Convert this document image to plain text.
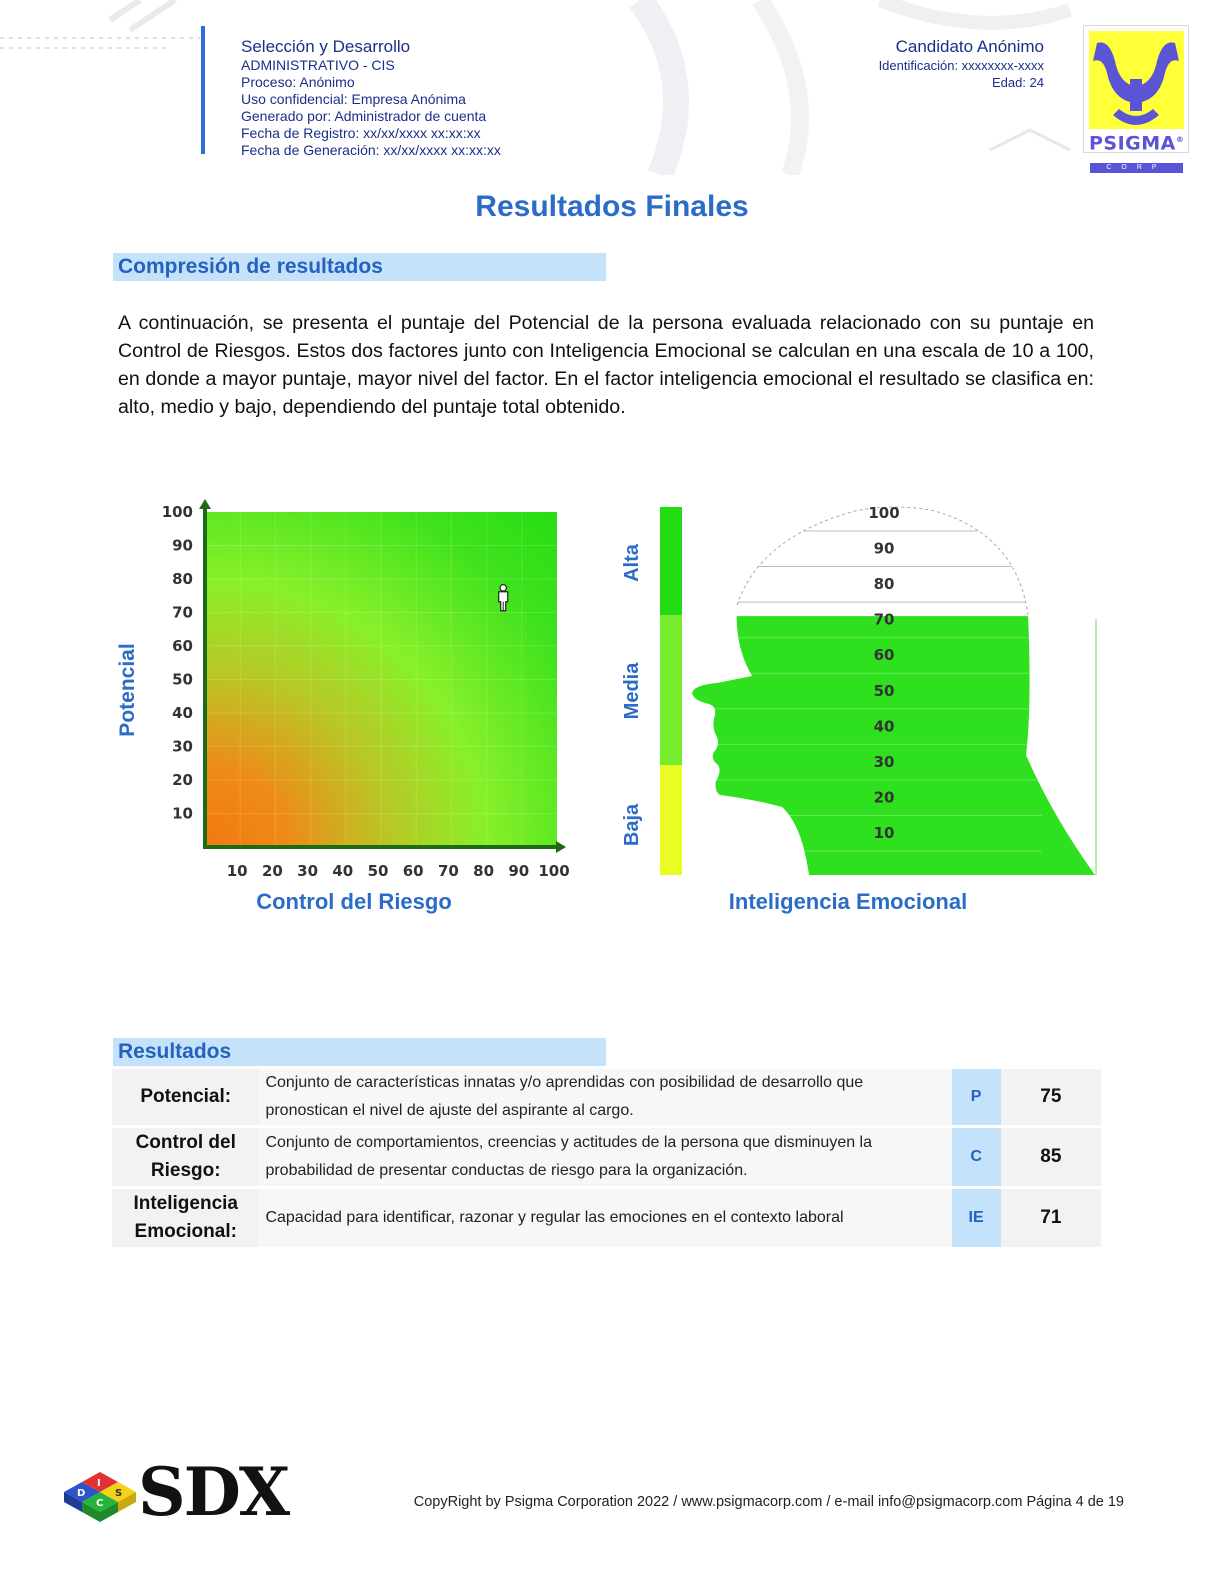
Selección y Desarrollo
ADMINISTRATIVO - CIS
Proceso: Anónimo
Uso confidencial: Empresa Anónima
Generado por: Administrador de cuenta
Fecha de Registro: xx/xx/xxxx xx:xx:xx
Fecha de Generación: xx/xx/xxxx xx:xx:xx
Candidato Anónimo
Identificación: xxxxxxxx-xxxx
Edad: 24
PSIGMA®
CORP
Resultados Finales
Compresión de resultados
A continuación, se presenta el puntaje del Potencial de la persona evaluada relacionado con su puntaje en Control de Riesgos. Estos dos factores junto con Inteligencia Emocional se calculan en una escala de 10 a 100, en donde a mayor puntaje, mayor nivel del factor. En el factor inteligencia emocional el resultado se clasifica en: alto, medio y bajo, dependiendo del puntaje total obtenido.
100
90
80
70
60
50
40
30
20
10
10 20 30 40 50 60 70 80 90 100
Potencial
Control del Riesgo
Alta
Media
Baja
100
90
80
70
60
50
40
30
20
10
Inteligencia Emocional
Resultados
Potencial:	Conjunto de características innatas y/o aprendidas con posibilidad de desarrollo que pronostican el nivel de ajuste del aspirante al cargo.	P	75

Control del
Riesgo:	Conjunto de comportamientos, creencias y actitudes de la persona que disminuyen la probabilidad de presentar conductas de riesgo para la organización.	C	85

Inteligencia
Emocional:	Capacidad para identificar, razonar y regular las emociones en el contexto laboral	IE	71
D
I
S
C SDX	CopyRight by Psigma Corporation 2022 / www.psigmacorp.com / e-mail info@psigmacorp.com Página 4 de 19
